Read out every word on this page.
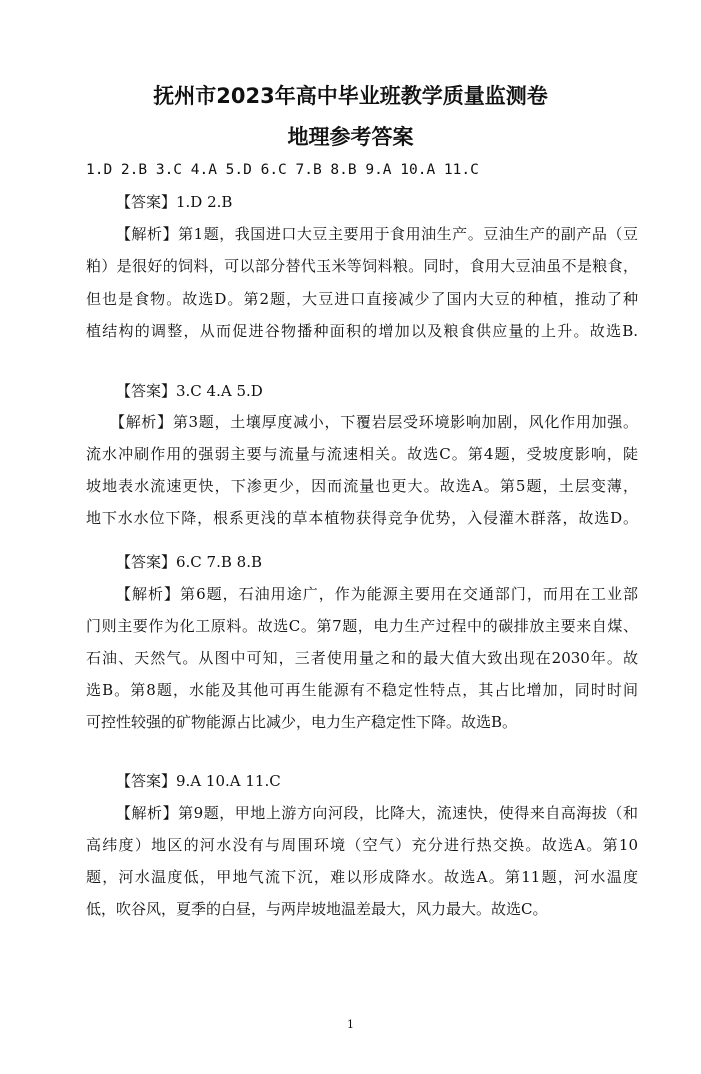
抚州市2023年高中毕业班教学质量监测卷
地理参考答案
1.D 2.B 3.C 4.A 5.D 6.C 7.B 8.B 9.A 10.A 11.C
【答案】1.D 2.B
【解析】第1题，我国进口大豆主要用于食用油生产。豆油生产的副产品（豆
粕）是很好的饲料，可以部分替代玉米等饲料粮。同时，食用大豆油虽不是粮食，
但也是食物。故选D。第2题，大豆进口直接减少了国内大豆的种植，推动了种
植结构的调整，从而促进谷物播种面积的增加以及粮食供应量的上升。故选B.
【答案】3.C 4.A 5.D
【解析】第3题，土壤厚度减小，下覆岩层受环境影响加剧，风化作用加强。
流水冲刷作用的强弱主要与流量与流速相关。故选C。第4题，受坡度影响，陡
坡地表水流速更快，下渗更少，因而流量也更大。故选A。第5题，土层变薄，
地下水水位下降，根系更浅的草本植物获得竞争优势，入侵灌木群落，故选D。
【答案】6.C 7.B 8.B
【解析】第6题，石油用途广，作为能源主要用在交通部门，而用在工业部
门则主要作为化工原料。故选C。第7题，电力生产过程中的碳排放主要来自煤、
石油、天然气。从图中可知，三者使用量之和的最大值大致出现在2030年。故
选B。第8题，水能及其他可再生能源有不稳定性特点，其占比增加，同时时间
可控性较强的矿物能源占比减少，电力生产稳定性下降。故选B。
【答案】9.A 10.A 11.C
【解析】第9题，甲地上游方向河段，比降大，流速快，使得来自高海拔（和
高纬度）地区的河水没有与周围环境（空气）充分进行热交换。故选A。第10
题，河水温度低，甲地气流下沉，难以形成降水。故选A。第11题，河水温度
低，吹谷风，夏季的白昼，与两岸坡地温差最大，风力最大。故选C。
1
